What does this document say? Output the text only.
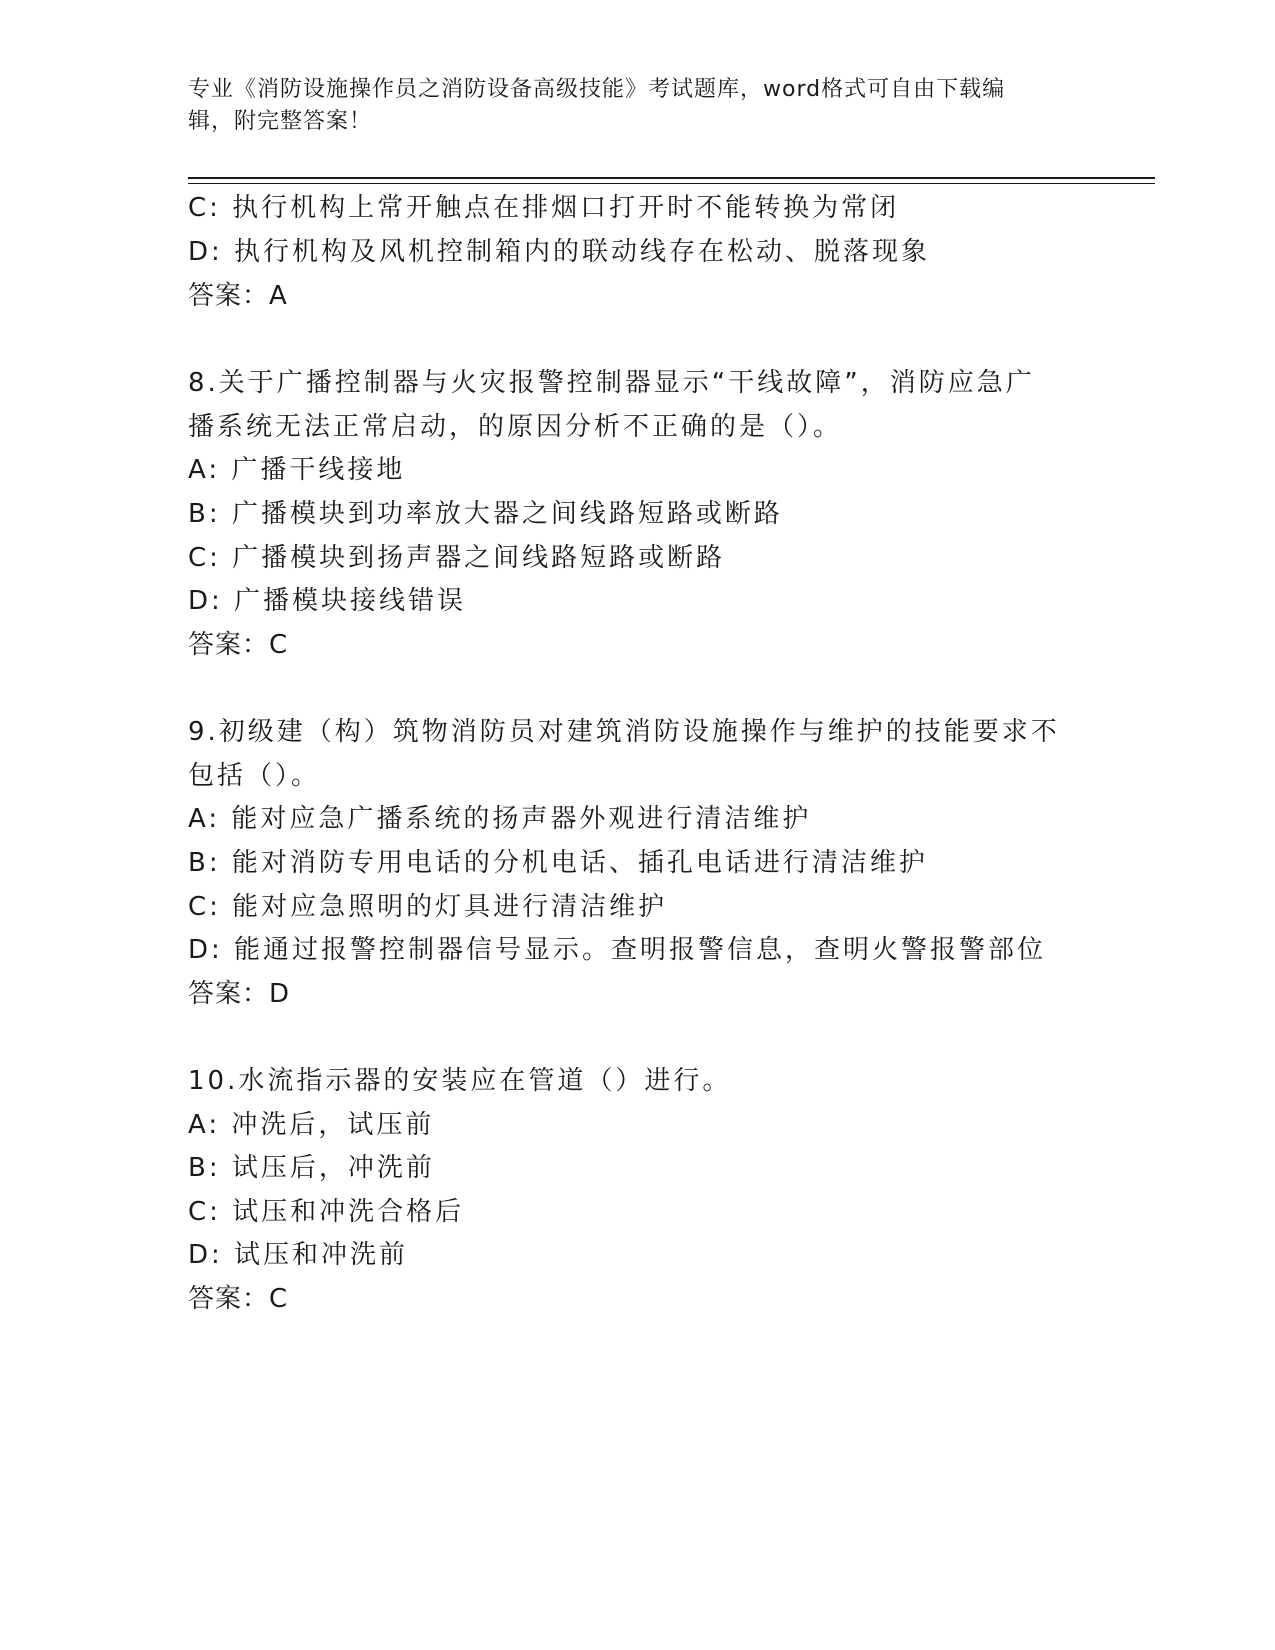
专业《消防设施操作员之消防设备高级技能》考试题库，word格式可自由下载编
辑，附完整答案！
C: 执行机构上常开触点在排烟口打开时不能转换为常闭
D: 执行机构及风机控制箱内的联动线存在松动、脱落现象
答案：A
8.关于广播控制器与火灾报警控制器显示“干线故障”，消防应急广
播系统无法正常启动，的原因分析不正确的是（）。
A: 广播干线接地
B: 广播模块到功率放大器之间线路短路或断路
C: 广播模块到扬声器之间线路短路或断路
D: 广播模块接线错误
答案：C
9.初级建（构）筑物消防员对建筑消防设施操作与维护的技能要求不
包括（）。
A: 能对应急广播系统的扬声器外观进行清洁维护
B: 能对消防专用电话的分机电话、插孔电话进行清洁维护
C: 能对应急照明的灯具进行清洁维护
D: 能通过报警控制器信号显示。查明报警信息，查明火警报警部位
答案：D
10.水流指示器的安装应在管道（）进行。
A: 冲洗后，试压前
B: 试压后，冲洗前
C: 试压和冲洗合格后
D: 试压和冲洗前
答案：C
